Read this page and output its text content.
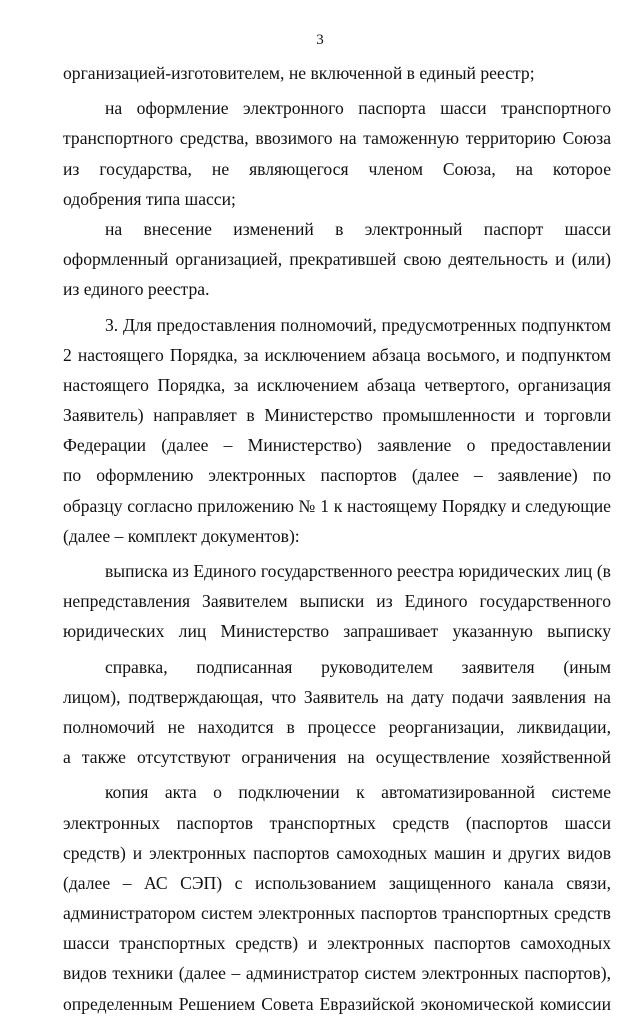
3
организацией-изготовителем, не включенной в единый реестр;
на оформление электронного паспорта шасси транспортного
транспортного средства, ввозимого на таможенную территорию Союза
из государства, не являющегося членом Союза, на которое
одобрения типа шасси;
на внесение изменений в электронный паспорт шасси
оформленный организацией, прекратившей свою деятельность и (или)
из единого реестра.
3. Для предоставления полномочий, предусмотренных подпунктом
2 настоящего Порядка, за исключением абзаца восьмого, и подпунктом
настоящего Порядка, за исключением абзаца четвертого, организация
Заявитель) направляет в Министерство промышленности и торговли
Федерации (далее – Министерство) заявление о предоставлении
по оформлению электронных паспортов (далее – заявление) по
образцу согласно приложению № 1 к настоящему Порядку и следующие
(далее – комплект документов):
выписка из Единого государственного реестра юридических лиц (в
непредставления Заявителем выписки из Единого государственного
юридических лиц Министерство запрашивает указанную выписку
справка, подписанная руководителем заявителя (иным
лицом), подтверждающая, что Заявитель на дату подачи заявления на
полномочий не находится в процессе реорганизации, ликвидации,
а также отсутствуют ограничения на осуществление хозяйственной
копия акта о подключении к автоматизированной системе
электронных паспортов транспортных средств (паспортов шасси
средств) и электронных паспортов самоходных машин и других видов
(далее – АС СЭП) с использованием защищенного канала связи,
администратором систем электронных паспортов транспортных средств
шасси транспортных средств) и электронных паспортов самоходных
видов техники (далее – администратор систем электронных паспортов),
определенным Решением Совета Евразийской экономической комиссии
